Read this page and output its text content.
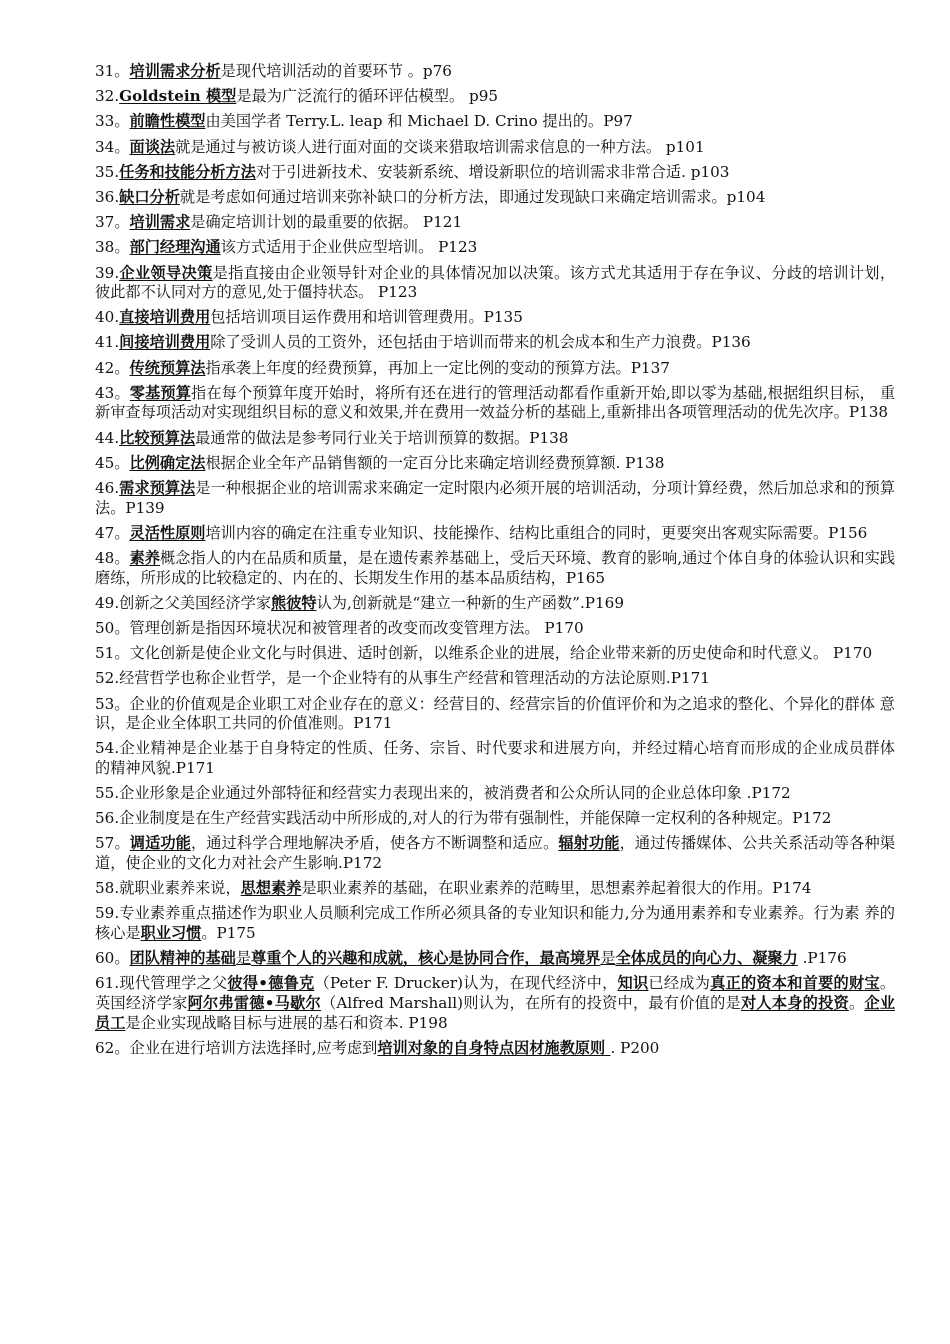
31。培训需求分析是现代培训活动的首要环节 。p76

32.Goldstein 模型是最为广泛流行的循环评估模型。 p95

33。前瞻性模型由美国学者 Terry.L. leap 和 Michael D. Crino 提出的。P97

34。面谈法就是通过与被访谈人进行面对面的交谈来猎取培训需求信息的一种方法。 p101

35.任务和技能分析方法对于引进新技术、安装新系统、增设新职位的培训需求非常合适. p103

36.缺口分析就是考虑如何通过培训来弥补缺口的分析方法，即通过发现缺口来确定培训需求。p104

37。培训需求是确定培训计划的最重要的依据。 P121

38。部门经理沟通该方式适用于企业供应型培训。 P123

39.企业领导决策是指直接由企业领导针对企业的具体情况加以决策。该方式尤其适用于存在争议、分歧的培训计划， 彼此都不认同对方的意见,处于僵持状态。 P123

40.直接培训费用包括培训项目运作费用和培训管理费用。P135

41.间接培训费用除了受训人员的工资外，还包括由于培训而带来的机会成本和生产力浪费。P136

42。传统预算法指承袭上年度的经费预算，再加上一定比例的变动的预算方法。P137

43。零基预算指在每个预算年度开始时，将所有还在进行的管理活动都看作重新开始,即以零为基础,根据组织目标， 重新审查每项活动对实现组织目标的意义和效果,并在费用一效益分析的基础上,重新排出各项管理活动的优先次序。P138

44.比较预算法最通常的做法是参考同行业关于培训预算的数据。P138

45。比例确定法根据企业全年产品销售额的一定百分比来确定培训经费预算额. P138

46.需求预算法是一种根据企业的培训需求来确定一定时限内必须开展的培训活动，分项计算经费，然后加总求和的预算法。P139

47。灵活性原则培训内容的确定在注重专业知识、技能操作、结构比重组合的同时，更要突出客观实际需要。P156

48。素养概念指人的内在品质和质量，是在遗传素养基础上，受后天环境、教育的影响,通过个体自身的体验认识和实践磨练，所形成的比较稳定的、内在的、长期发生作用的基本品质结构，P165

49.创新之父美国经济学家熊彼特认为,创新就是“建立一种新的生产函数”.P169

50。管理创新是指因环境状况和被管理者的改变而改变管理方法。 P170

51。文化创新是使企业文化与时俱进、适时创新，以维系企业的进展，给企业带来新的历史使命和时代意义。 P170

52.经营哲学也称企业哲学，是一个企业特有的从事生产经营和管理活动的方法论原则.P171

53。企业的价值观是企业职工对企业存在的意义：经营目的、经营宗旨的价值评价和为之追求的整化、个异化的群体 意识，是企业全体职工共同的价值准则。P171

54.企业精神是企业基于自身特定的性质、任务、宗旨、时代要求和进展方向，并经过精心培育而形成的企业成员群体 的精神风貌.P171

55.企业形象是企业通过外部特征和经营实力表现出来的，被消费者和公众所认同的企业总体印象 .P172

56.企业制度是在生产经营实践活动中所形成的,对人的行为带有强制性，并能保障一定权利的各种规定。P172

57。调适功能，通过科学合理地解决矛盾，使各方不断调整和适应。辐射功能，通过传播媒体、公共关系活动等各种渠道，使企业的文化力对社会产生影响.P172

58.就职业素养来说，思想素养是职业素养的基础，在职业素养的范畴里，思想素养起着很大的作用。P174

59.专业素养重点描述作为职业人员顺利完成工作所必须具备的专业知识和能力,分为通用素养和专业素养。行为素 养的核心是职业习惯。P175

60。团队精神的基础是尊重个人的兴趣和成就，核心是协同合作，最高境界是全体成员的向心力、凝聚力 .P176

61.现代管理学之父彼得•德鲁克（Peter F. Drucker)认为，在现代经济中，知识已经成为真正的资本和首要的财宝。英国经济学家阿尔弗雷德•马歇尔（Alfred Marshall)则认为，在所有的投资中，最有价值的是对人本身的投资。企业员工是企业实现战略目标与进展的基石和资本. P198

62。企业在进行培训方法选择时,应考虑到培训对象的自身特点因材施教原则 . P200
